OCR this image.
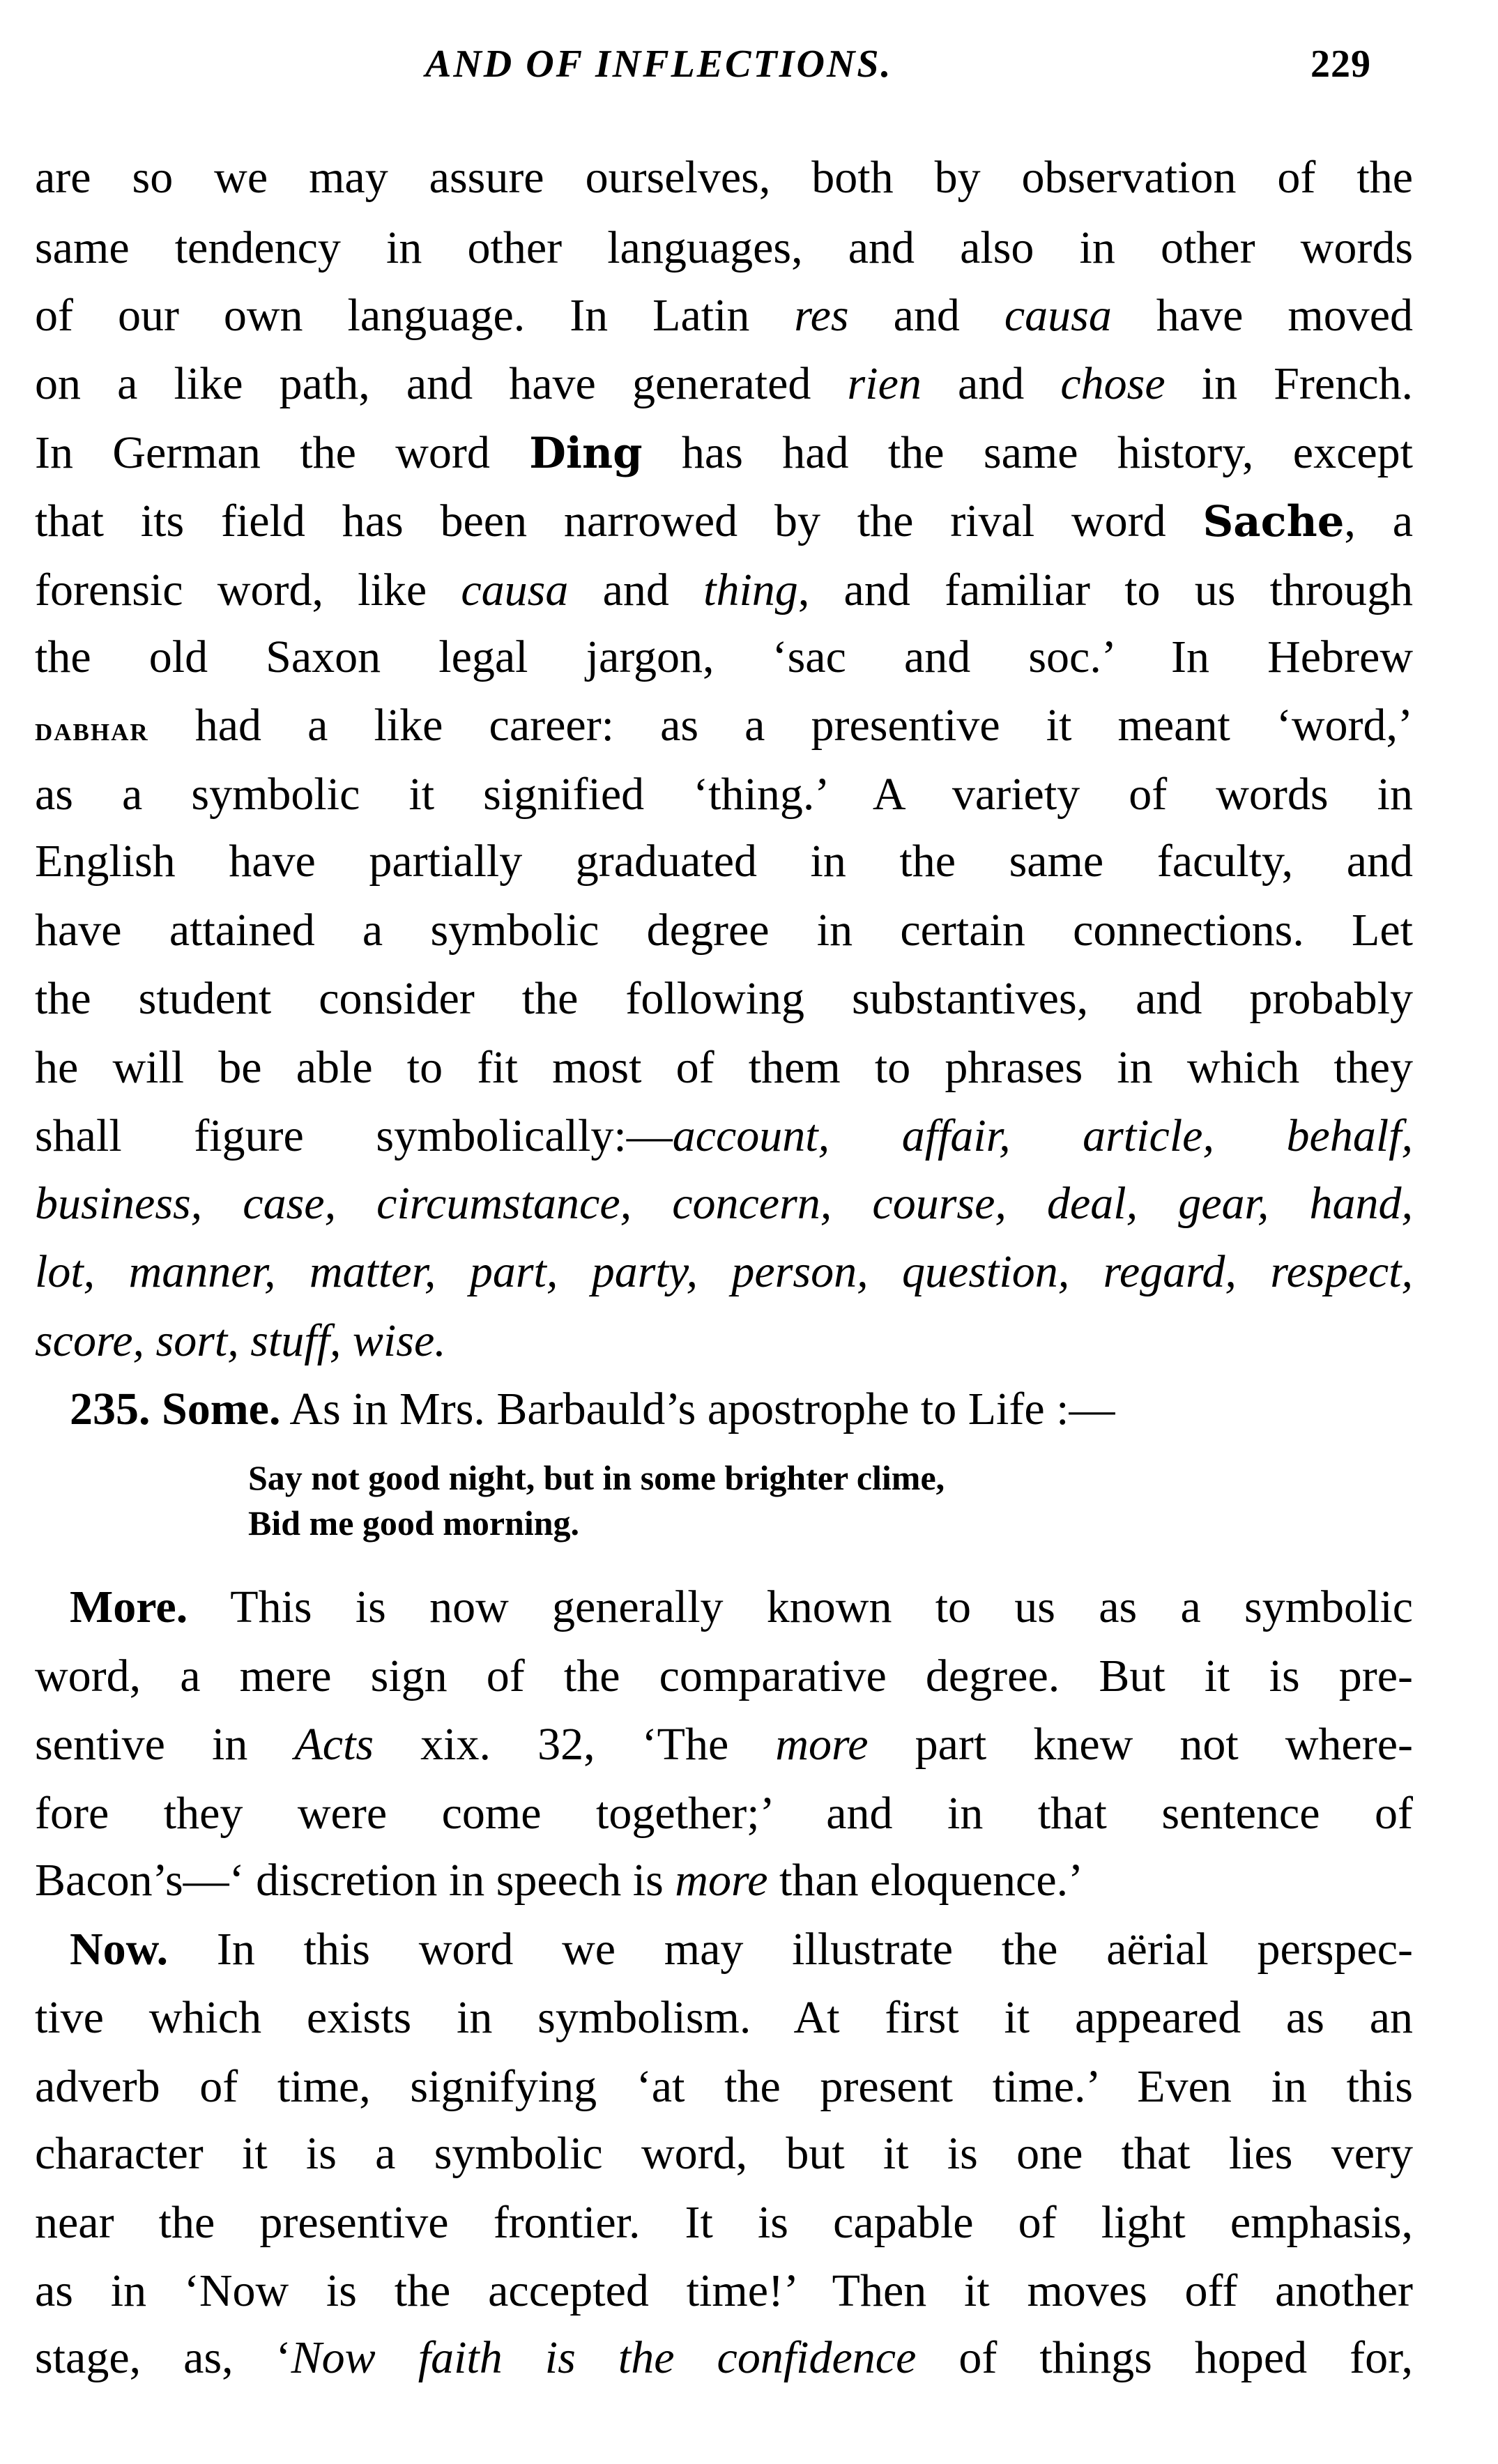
AND OF INFLECTIONS.	229
are so we may assure ourselves, both by observation of the
same tendency in other languages, and also in other words
of our own language. In Latin res and causa have moved
on a like path, and have generated rien and chose in French.
In German the word Ding has had the same history, except
that its field has been narrowed by the rival word Sache, a
forensic word, like causa and thing, and familiar to us through
the old Saxon legal jargon, ‘sac and soc.’ In Hebrew
dabhar had a like career: as a presentive it meant ‘word,’
as a symbolic it signified ‘thing.’ A variety of words in
English have partially graduated in the same faculty, and
have attained a symbolic degree in certain connections. Let
the student consider the following substantives, and probably
he will be able to fit most of them to phrases in which they
shall figure symbolically:—account, affair, article, behalf,
business, case, circumstance, concern, course, deal, gear, hand,
lot, manner, matter, part, party, person, question, regard, respect,
score, sort, stuff, wise.
235. Some. As in Mrs. Barbauld’s apostrophe to Life :—
More. This is now generally known to us as a symbolic
word, a mere sign of the comparative degree. But it is pre-
sentive in Acts xix. 32, ‘The more part knew not where-
fore they were come together;’ and in that sentence of
Bacon’s—‘ discretion in speech is more than eloquence.’
Now. In this word we may illustrate the aërial perspec-
tive which exists in symbolism. At first it appeared as an
adverb of time, signifying ‘at the present time.’ Even in this
character it is a symbolic word, but it is one that lies very
near the presentive frontier. It is capable of light emphasis,
as in ‘Now is the accepted time!’ Then it moves off another
stage, as, ‘Now faith is the confidence of things hoped for,
Say not good night, but in some brighter clime,
Bid me good morning.
